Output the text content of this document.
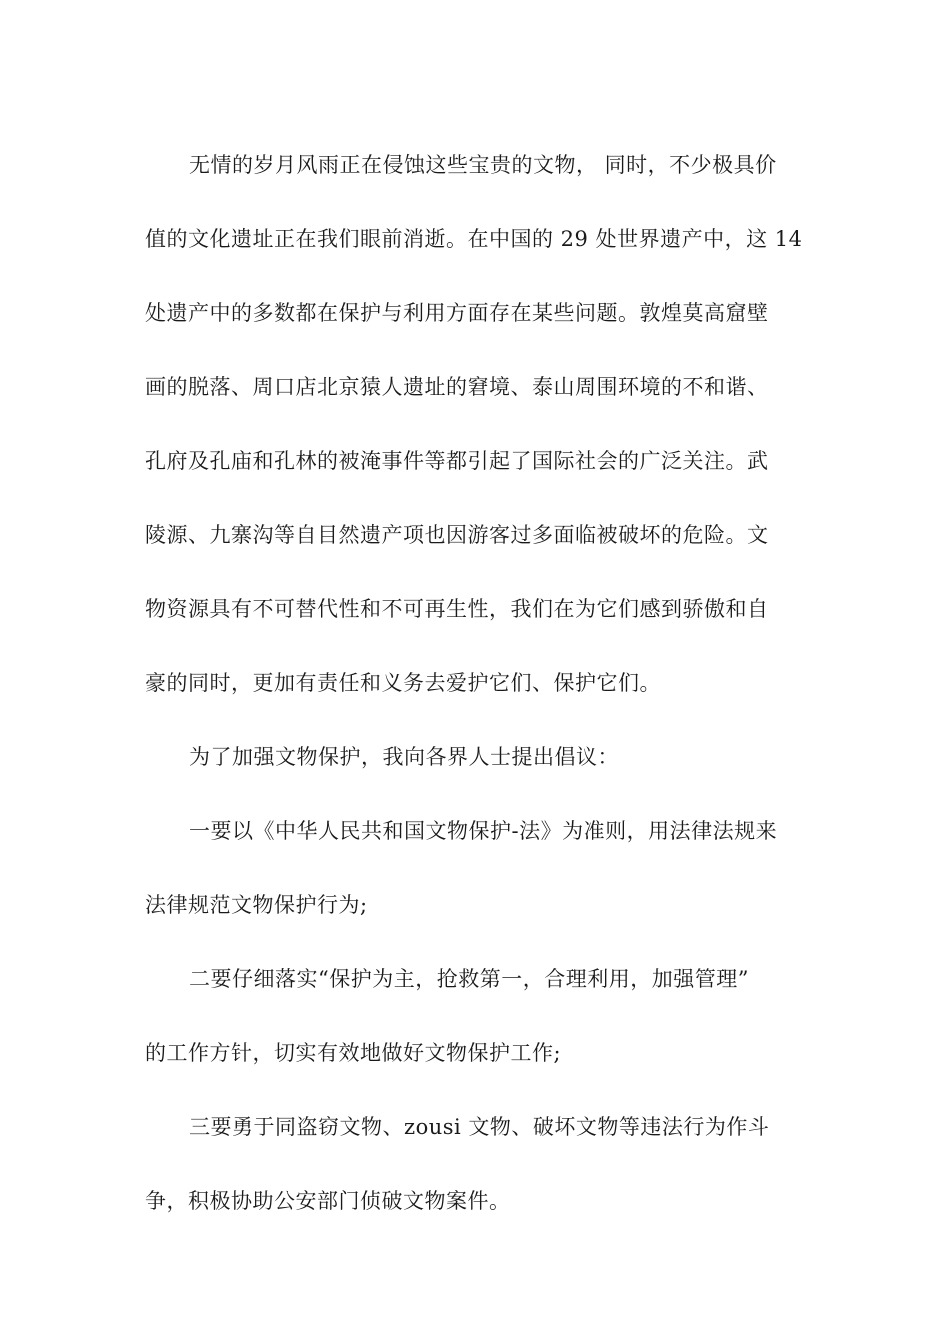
无情的岁月风雨正在侵蚀这些宝贵的文物， 同时，不少极具价
值的文化遗址正在我们眼前消逝。在中国的 29 处世界遗产中，这 14
处遗产中的多数都在保护与利用方面存在某些问题。敦煌莫高窟壁
画的脱落、周口店北京猿人遗址的窘境、泰山周围环境的不和谐、
孔府及孔庙和孔林的被淹事件等都引起了国际社会的广泛关注。武
陵源、九寨沟等自目然遗产项也因游客过多面临被破坏的危险。文
物资源具有不可替代性和不可再生性，我们在为它们感到骄傲和自
豪的同时，更加有责任和义务去爱护它们、保护它们。

为了加强文物保护，我向各界人士提出倡议：

一要以《中华人民共和国文物保护-法》为准则，用法律法规来
法律规范文物保护行为;

二要仔细落实“保护为主，抢救第一，合理利用，加强管理”
的工作方针，切实有效地做好文物保护工作;

三要勇于同盗窃文物、zousi 文物、破坏文物等违法行为作斗
争，积极协助公安部门侦破文物案件。
